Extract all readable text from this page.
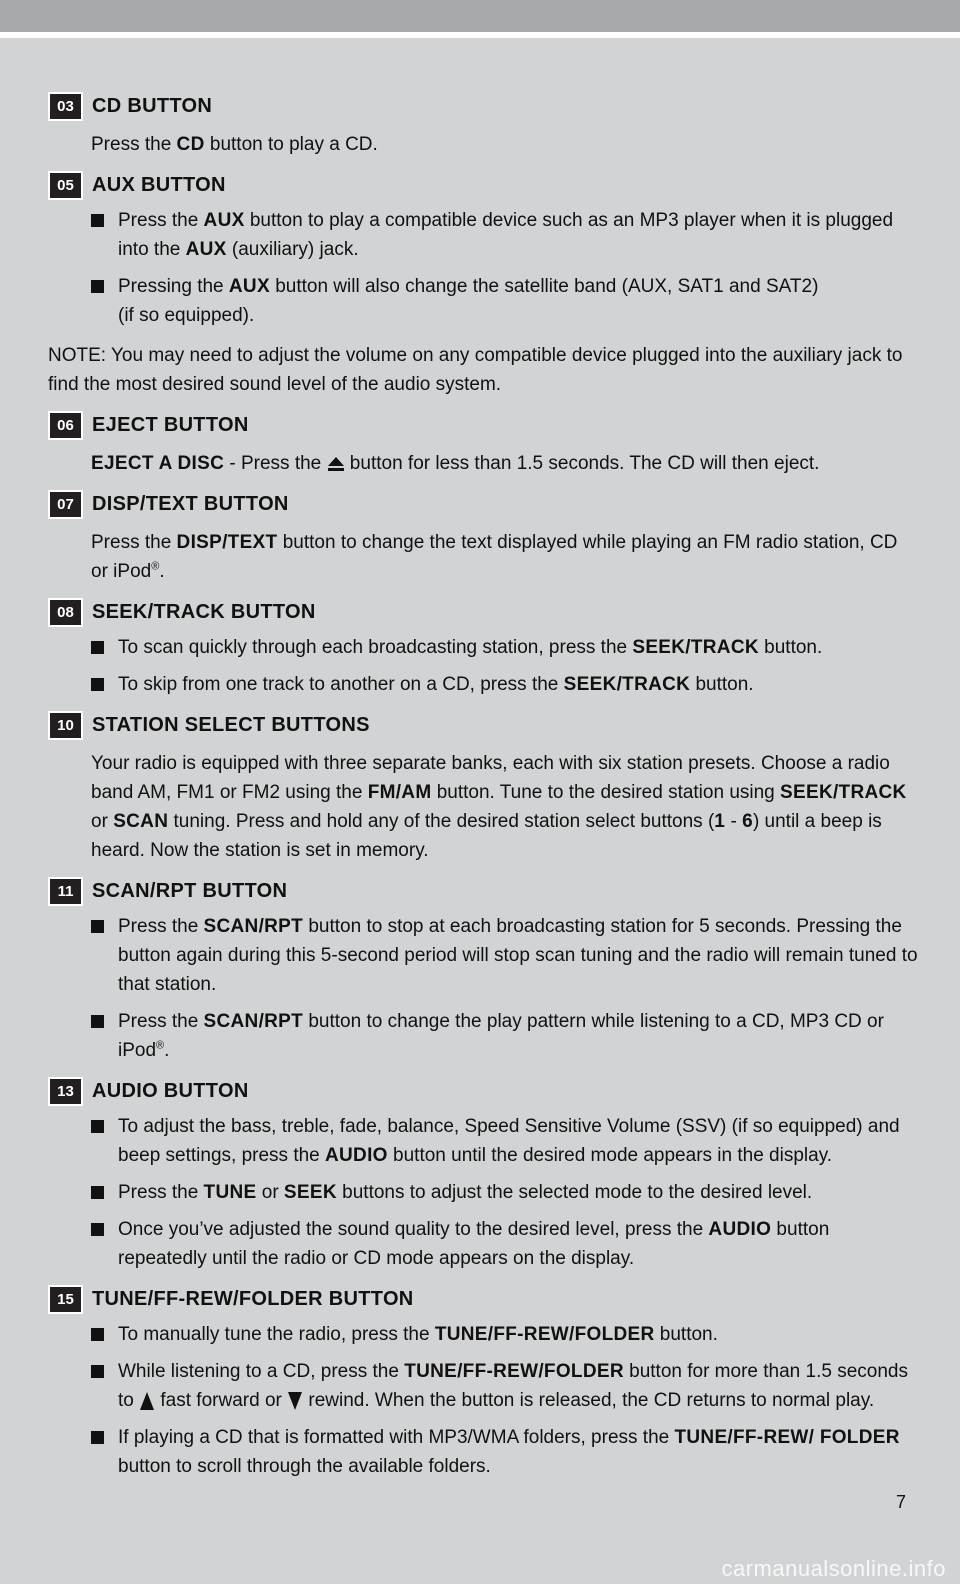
03 CD BUTTON

Press the CD button to play a CD.

05 AUX BUTTON

Press the AUX button to play a compatible device such as an MP3 player when it is plugged into the AUX (auxiliary) jack.

Pressing the AUX button will also change the satellite band (AUX, SAT1 and SAT2)
(if so equipped).

NOTE: You may need to adjust the volume on any compatible device plugged into the auxiliary jack to find the most desired sound level of the audio system.

06 EJECT BUTTON

EJECT A DISC - Press the  button for less than 1.5 seconds. The CD will then eject.

07 DISP/TEXT BUTTON

Press the DISP/TEXT button to change the text displayed while playing an FM radio station, CD or iPod®.

08 SEEK/TRACK BUTTON

To scan quickly through each broadcasting station, press the SEEK/TRACK button.

To skip from one track to another on a CD, press the SEEK/TRACK button.

10 STATION SELECT BUTTONS

Your radio is equipped with three separate banks, each with six station presets. Choose a radio band AM, FM1 or FM2 using the FM/AM button. Tune to the desired station using SEEK/TRACK or SCAN tuning. Press and hold any of the desired station select buttons (1 - 6) until a beep is heard. Now the station is set in memory.

11 SCAN/RPT BUTTON

Press the SCAN/RPT button to stop at each broadcasting station for 5 seconds. Pressing the button again during this 5-second period will stop scan tuning and the radio will remain tuned to that station.

Press the SCAN/RPT button to change the play pattern while listening to a CD, MP3 CD or iPod®.

13 AUDIO BUTTON

To adjust the bass, treble, fade, balance, Speed Sensitive Volume (SSV) (if so equipped) and beep settings, press the AUDIO button until the desired mode appears in the display.

Press the TUNE or SEEK buttons to adjust the selected mode to the desired level.

Once you’ve adjusted the sound quality to the desired level, press the AUDIO button repeatedly until the radio or CD mode appears on the display.

15 TUNE/FF-REW/FOLDER BUTTON

To manually tune the radio, press the TUNE/FF-REW/FOLDER button.

While listening to a CD, press the TUNE/FF-REW/FOLDER button for more than 1.5 seconds to  fast forward or  rewind. When the button is released, the CD returns to normal play.

If playing a CD that is formatted with MP3/WMA folders, press the TUNE/FF-REW/ FOLDER button to scroll through the available folders.

7
carmanualsonline.info
